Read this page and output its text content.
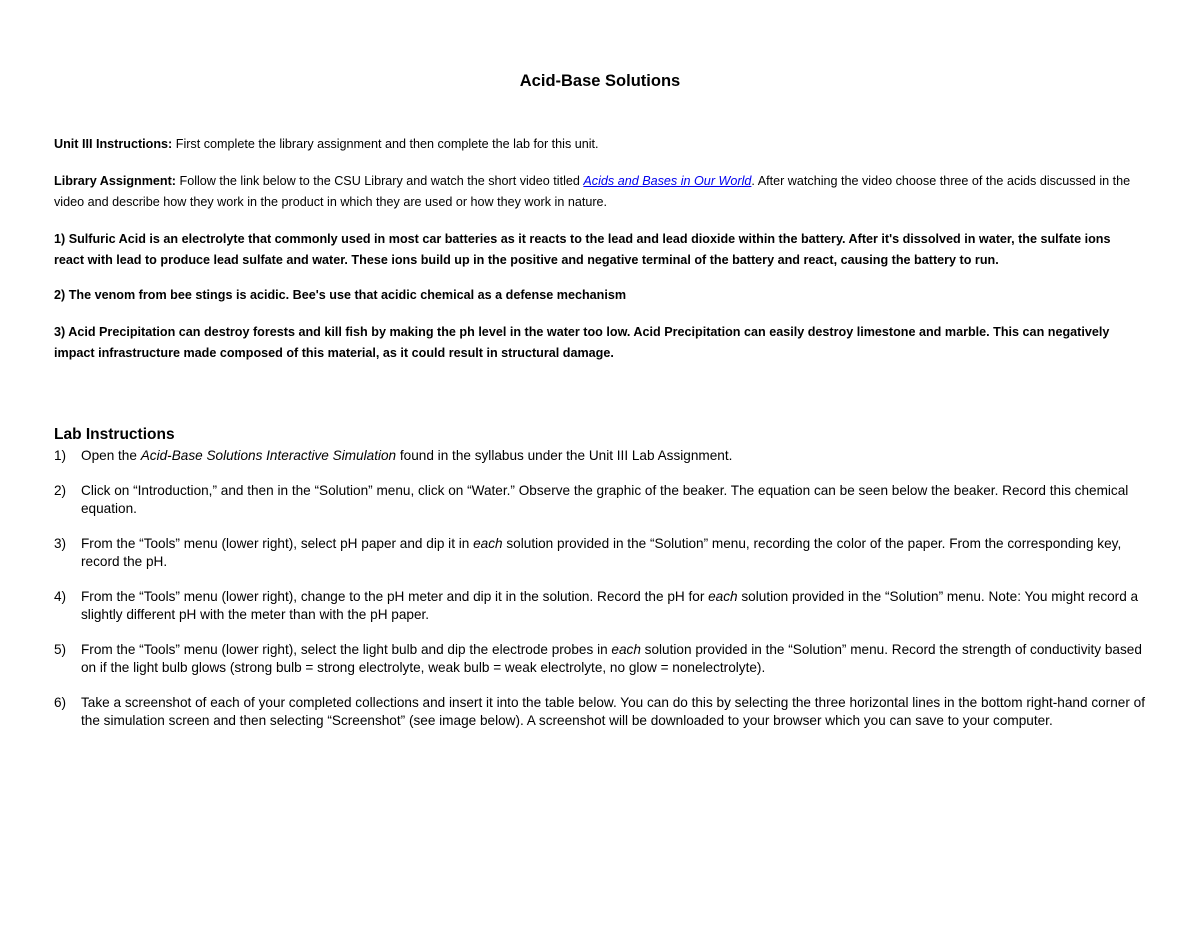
Acid-Base Solutions

Unit III Instructions: First complete the library assignment and then complete the lab for this unit.

Library Assignment: Follow the link below to the CSU Library and watch the short video titled Acids and Bases in Our World. After watching the video choose three of the acids discussed in the video and describe how they work in the product in which they are used or how they work in nature.

1) Sulfuric Acid is an electrolyte that commonly used in most car batteries as it reacts to the lead and lead dioxide within the battery. After it's dissolved in water, the sulfate ions react with lead to produce lead sulfate and water. These ions build up in the positive and negative terminal of the battery and react, causing the battery to run.

2) The venom from bee stings is acidic. Bee's use that acidic chemical as a defense mechanism

3) Acid Precipitation can destroy forests and kill fish by making the ph level in the water too low. Acid Precipitation can easily destroy limestone and marble. This can negatively impact infrastructure made composed of this material, as it could result in structural damage.

Lab Instructions
1)	Open the Acid-Base Solutions Interactive Simulation found in the syllabus under the Unit III Lab Assignment.
2)	Click on “Introduction,” and then in the “Solution” menu, click on “Water.” Observe the graphic of the beaker. The equation can be seen below the beaker. Record this chemical equation.
3)	From the “Tools” menu (lower right), select pH paper and dip it in each solution provided in the “Solution” menu, recording the color of the paper. From the corresponding key, record the pH.
4)	From the “Tools” menu (lower right), change to the pH meter and dip it in the solution. Record the pH for each solution provided in the “Solution” menu. Note: You might record a slightly different pH with the meter than with the pH paper.
5)	From the “Tools” menu (lower right), select the light bulb and dip the electrode probes in each solution provided in the “Solution” menu. Record the strength of conductivity based on if the light bulb glows (strong bulb = strong electrolyte, weak bulb = weak electrolyte, no glow = nonelectrolyte).
6)	Take a screenshot of each of your completed collections and insert it into the table below. You can do this by selecting the three horizontal lines in the bottom right-hand corner of the simulation screen and then selecting “Screenshot” (see image below). A screenshot will be downloaded to your browser which you can save to your computer.
